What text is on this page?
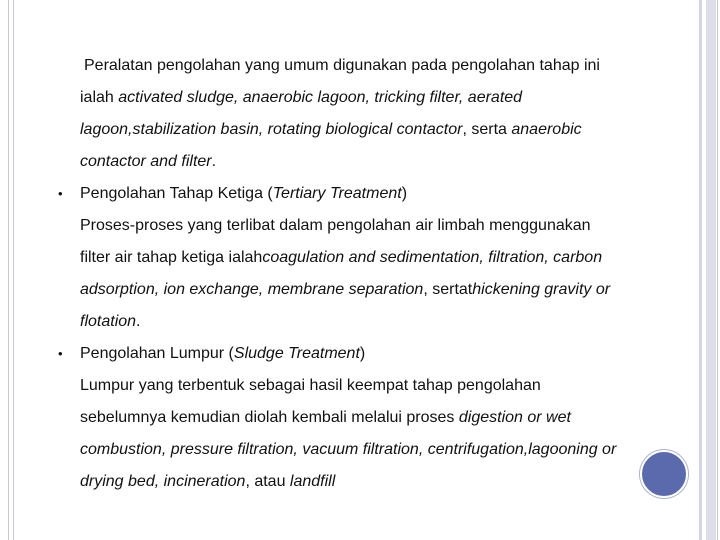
Peralatan pengolahan yang umum digunakan pada pengolahan tahap ini
ialah activated sludge, anaerobic lagoon, tricking filter, aerated
lagoon,stabilization basin, rotating biological contactor, serta anaerobic
contactor and filter.
• Pengolahan Tahap Ketiga (Tertiary Treatment)
Proses-proses yang terlibat dalam pengolahan air limbah menggunakan
filter air tahap ketiga ialahcoagulation and sedimentation, filtration, carbon
adsorption, ion exchange, membrane separation, sertathickening gravity or
flotation.
• Pengolahan Lumpur (Sludge Treatment)
Lumpur yang terbentuk sebagai hasil keempat tahap pengolahan
sebelumnya kemudian diolah kembali melalui proses digestion or wet
combustion, pressure filtration, vacuum filtration, centrifugation,lagooning or
drying bed, incineration, atau landfill
